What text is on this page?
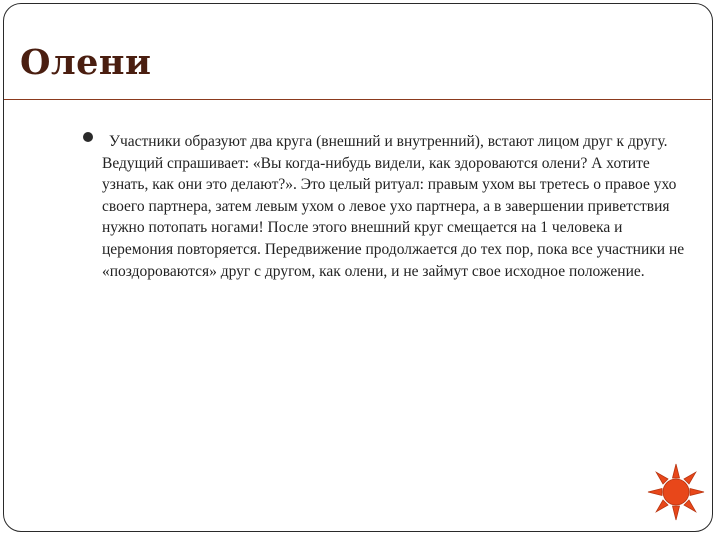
Олени

Участники образуют два круга (внешний и внутренний), встают лицом друг к другу. Ведущий спрашивает: «Вы когда-нибудь видели, как здороваются олени? А хотите узнать, как они это делают?». Это целый ритуал: правым ухом вы третесь о правое ухо своего партнера, затем левым ухом о левое ухо партнера, а в завершении приветствия нужно потопать ногами! После этого внешний круг смещается на 1 человека и церемония повторяется. Передвижение продолжается до тех пор, пока все участники не «поздороваются» друг с другом, как олени, и не займут свое исходное положение.
